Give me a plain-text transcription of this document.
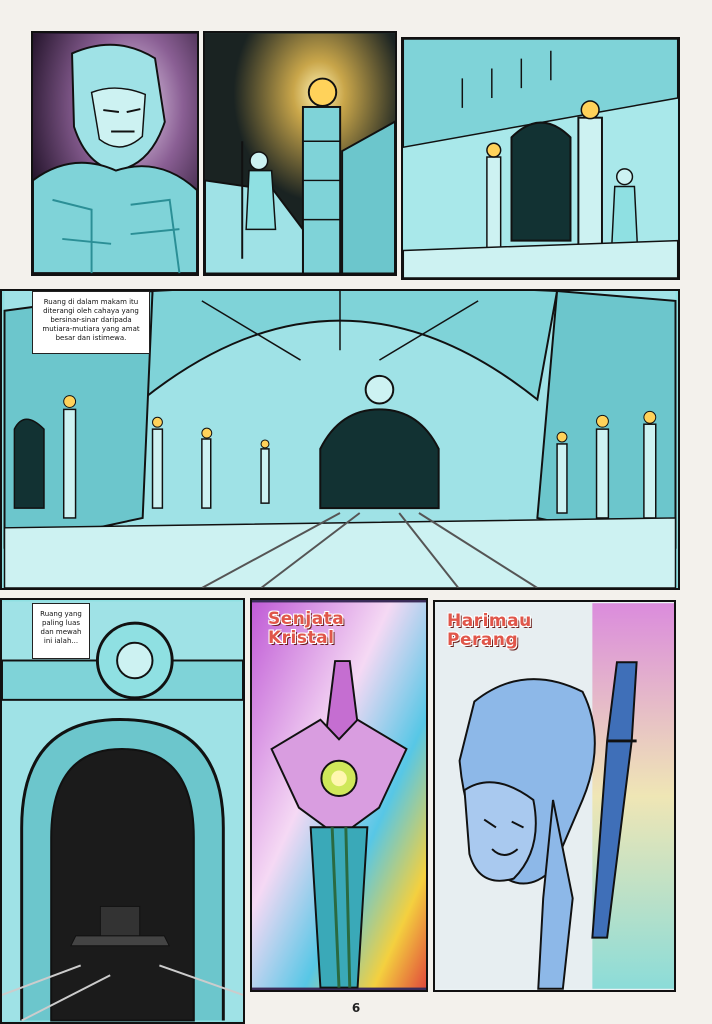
Ruang di dalam makam itu diterangi oleh cahaya yang bersinar-sinar daripada mutiara-mutiara yang amat besar dan istimewa.
Ruang yang paling luas dan mewah ini ialah...
Senjata Kristal
Harimau Perang
6
